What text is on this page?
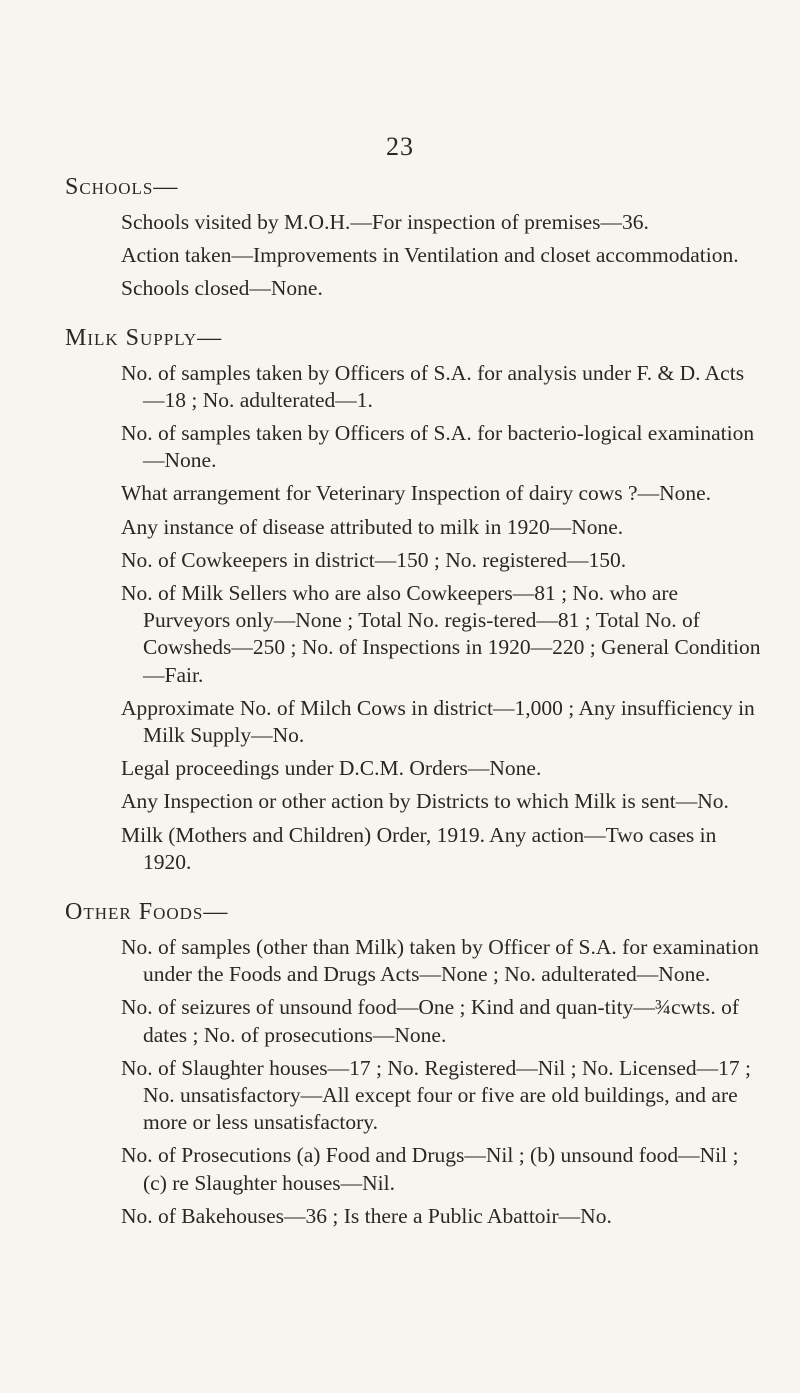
23
Schools—

Schools visited by M.O.H.—For inspection of premises—36.

Action taken—Improvements in Ventilation and closet accommodation.

Schools closed—None.

Milk Supply—

No. of samples taken by Officers of S.A. for analysis under F. & D. Acts—18 ; No. adulterated—1.

No. of samples taken by Officers of S.A. for bacterio-logical examination—None.

What arrangement for Veterinary Inspection of dairy cows ?—None.

Any instance of disease attributed to milk in 1920—None.

No. of Cowkeepers in district—150 ; No. registered—150.

No. of Milk Sellers who are also Cowkeepers—81 ; No. who are Purveyors only—None ; Total No. regis-tered—81 ; Total No. of Cowsheds—250 ; No. of Inspections in 1920—220 ; General Condition—Fair.

Approximate No. of Milch Cows in district—1,000 ; Any insufficiency in Milk Supply—No.

Legal proceedings under D.C.M. Orders—None.

Any Inspection or other action by Districts to which Milk is sent—No.

Milk (Mothers and Children) Order, 1919. Any action—Two cases in 1920.

Other Foods—

No. of samples (other than Milk) taken by Officer of S.A. for examination under the Foods and Drugs Acts—None ; No. adulterated—None.

No. of seizures of unsound food—One ; Kind and quan-tity—¾cwts. of dates ; No. of prosecutions—None.

No. of Slaughter houses—17 ; No. Registered—Nil ; No. Licensed—17 ; No. unsatisfactory—All except four or five are old buildings, and are more or less unsatisfactory.

No. of Prosecutions (a) Food and Drugs—Nil ; (b) unsound food—Nil ; (c) re Slaughter houses—Nil.

No. of Bakehouses—36 ; Is there a Public Abattoir—No.
